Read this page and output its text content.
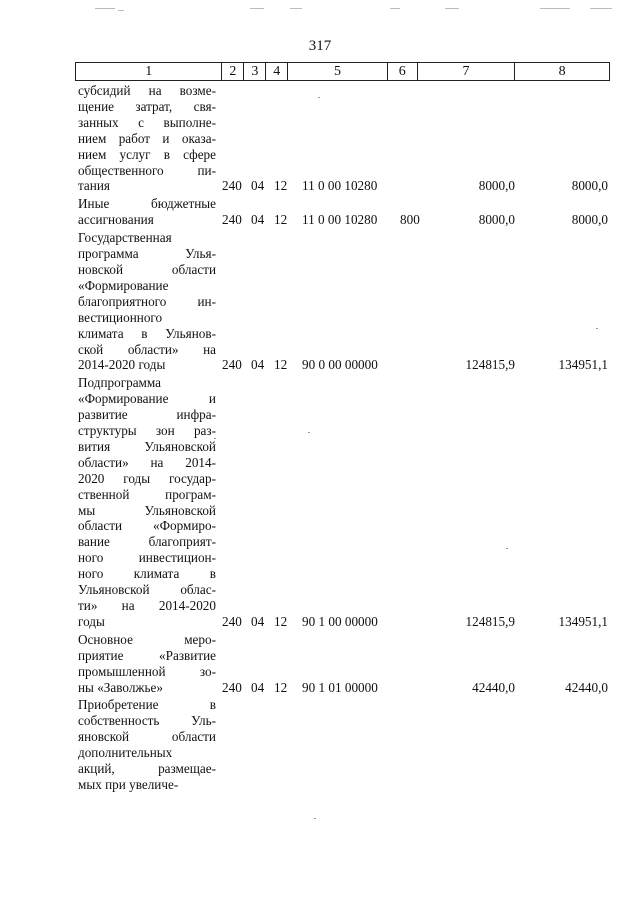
317
1	2	3	4	5	6	7	8
субсидий на возме-
щение затрат, свя-
занных с выполне-
нием работ и оказа-
нием услуг в сфере
общественного пи-
тания	240 04 12 11 0 00 10280	8000,0	8000,0
Иные бюджетные
ассигнования	240 04 12 11 0 00 10280 800	8000,0	8000,0
Государственная
программа Улья-
новской области
«Формирование
благоприятного ин-
вестиционного
климата в Ульянов-
ской области» на
2014-2020 годы	240 04 12 90 0 00 00000	124815,9	134951,1
Подпрограмма
«Формирование и
развитие инфра-
структуры зон раз-
вития Ульяновской
области» на 2014-
2020 годы государ-
ственной програм-
мы Ульяновской
области «Формиро-
вание благоприят-
ного инвестицион-
ного климата в
Ульяновской облас-
ти» на 2014-2020
годы	240 04 12 90 1 00 00000	124815,9	134951,1
Основное меро-
приятие «Развитие
промышленной зо-
ны «Заволжье»	240 04 12 90 1 01 00000	42440,0	42440,0
Приобретение в
собственность Уль-
яновской области
дополнительных
акций, размещае-
мых при увеличе-
